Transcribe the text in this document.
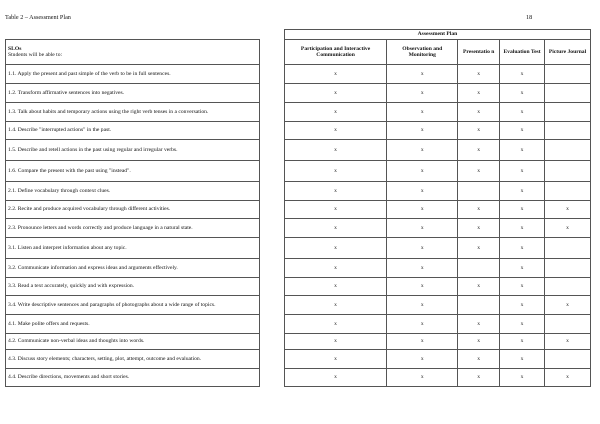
Table 2 – Assessment Plan	18
		Assessment Plan				
SLOs
Students will be able to:		Participation and Interactive Communication	Observation and Monitoring	Presentatio n	Evaluation Test	Picture Journal
1.1. Apply the present and past simple of the verb to be in full sentences.		x	x	x	x	
1.2. Transform affirmative sentences into negatives.		x	x	x	x	
1.3. Talk about habits and temporary actions using the right verb tenses in a conversation.		x	x	x	x	
1.4. Describe "interrupted actions" in the past.		x	x	x	x	
1.5. Describe and retell actions in the past using regular and irregular verbs.		x	x	x	x	
1.6. Compare the present with the past using "instead".		x	x	x	x	
2.1. Define vocabulary through context clues.		x	x		x	
2.2. Recite and produce acquired vocabulary through different activities.		x	x	x	x	x
2.3. Pronounce letters and words correctly and produce language in a natural state.		x	x	x	x	x
3.1. Listen and interpret information about any topic.		x	x	x	x	
3.2. Communicate information and express ideas and arguments effectively.		x	x		x	
3.3. Read a text accurately, quickly and with expression.		x	x	x	x	
3.4. Write descriptive sentences and paragraphs of photographs about a wide range of topics.		x	x		x	x
4.1. Make polite offers and requests.		x	x	x	x	
4.2. Communicate non-verbal ideas and thoughts into words.		x	x	x	x	x
4.3. Discuss story elements; characters, setting, plot, attempt, outcome and evaluation.		x	x	x	x	
4.4. Describe directions, movements and short stories.		x	x	x	x	x
